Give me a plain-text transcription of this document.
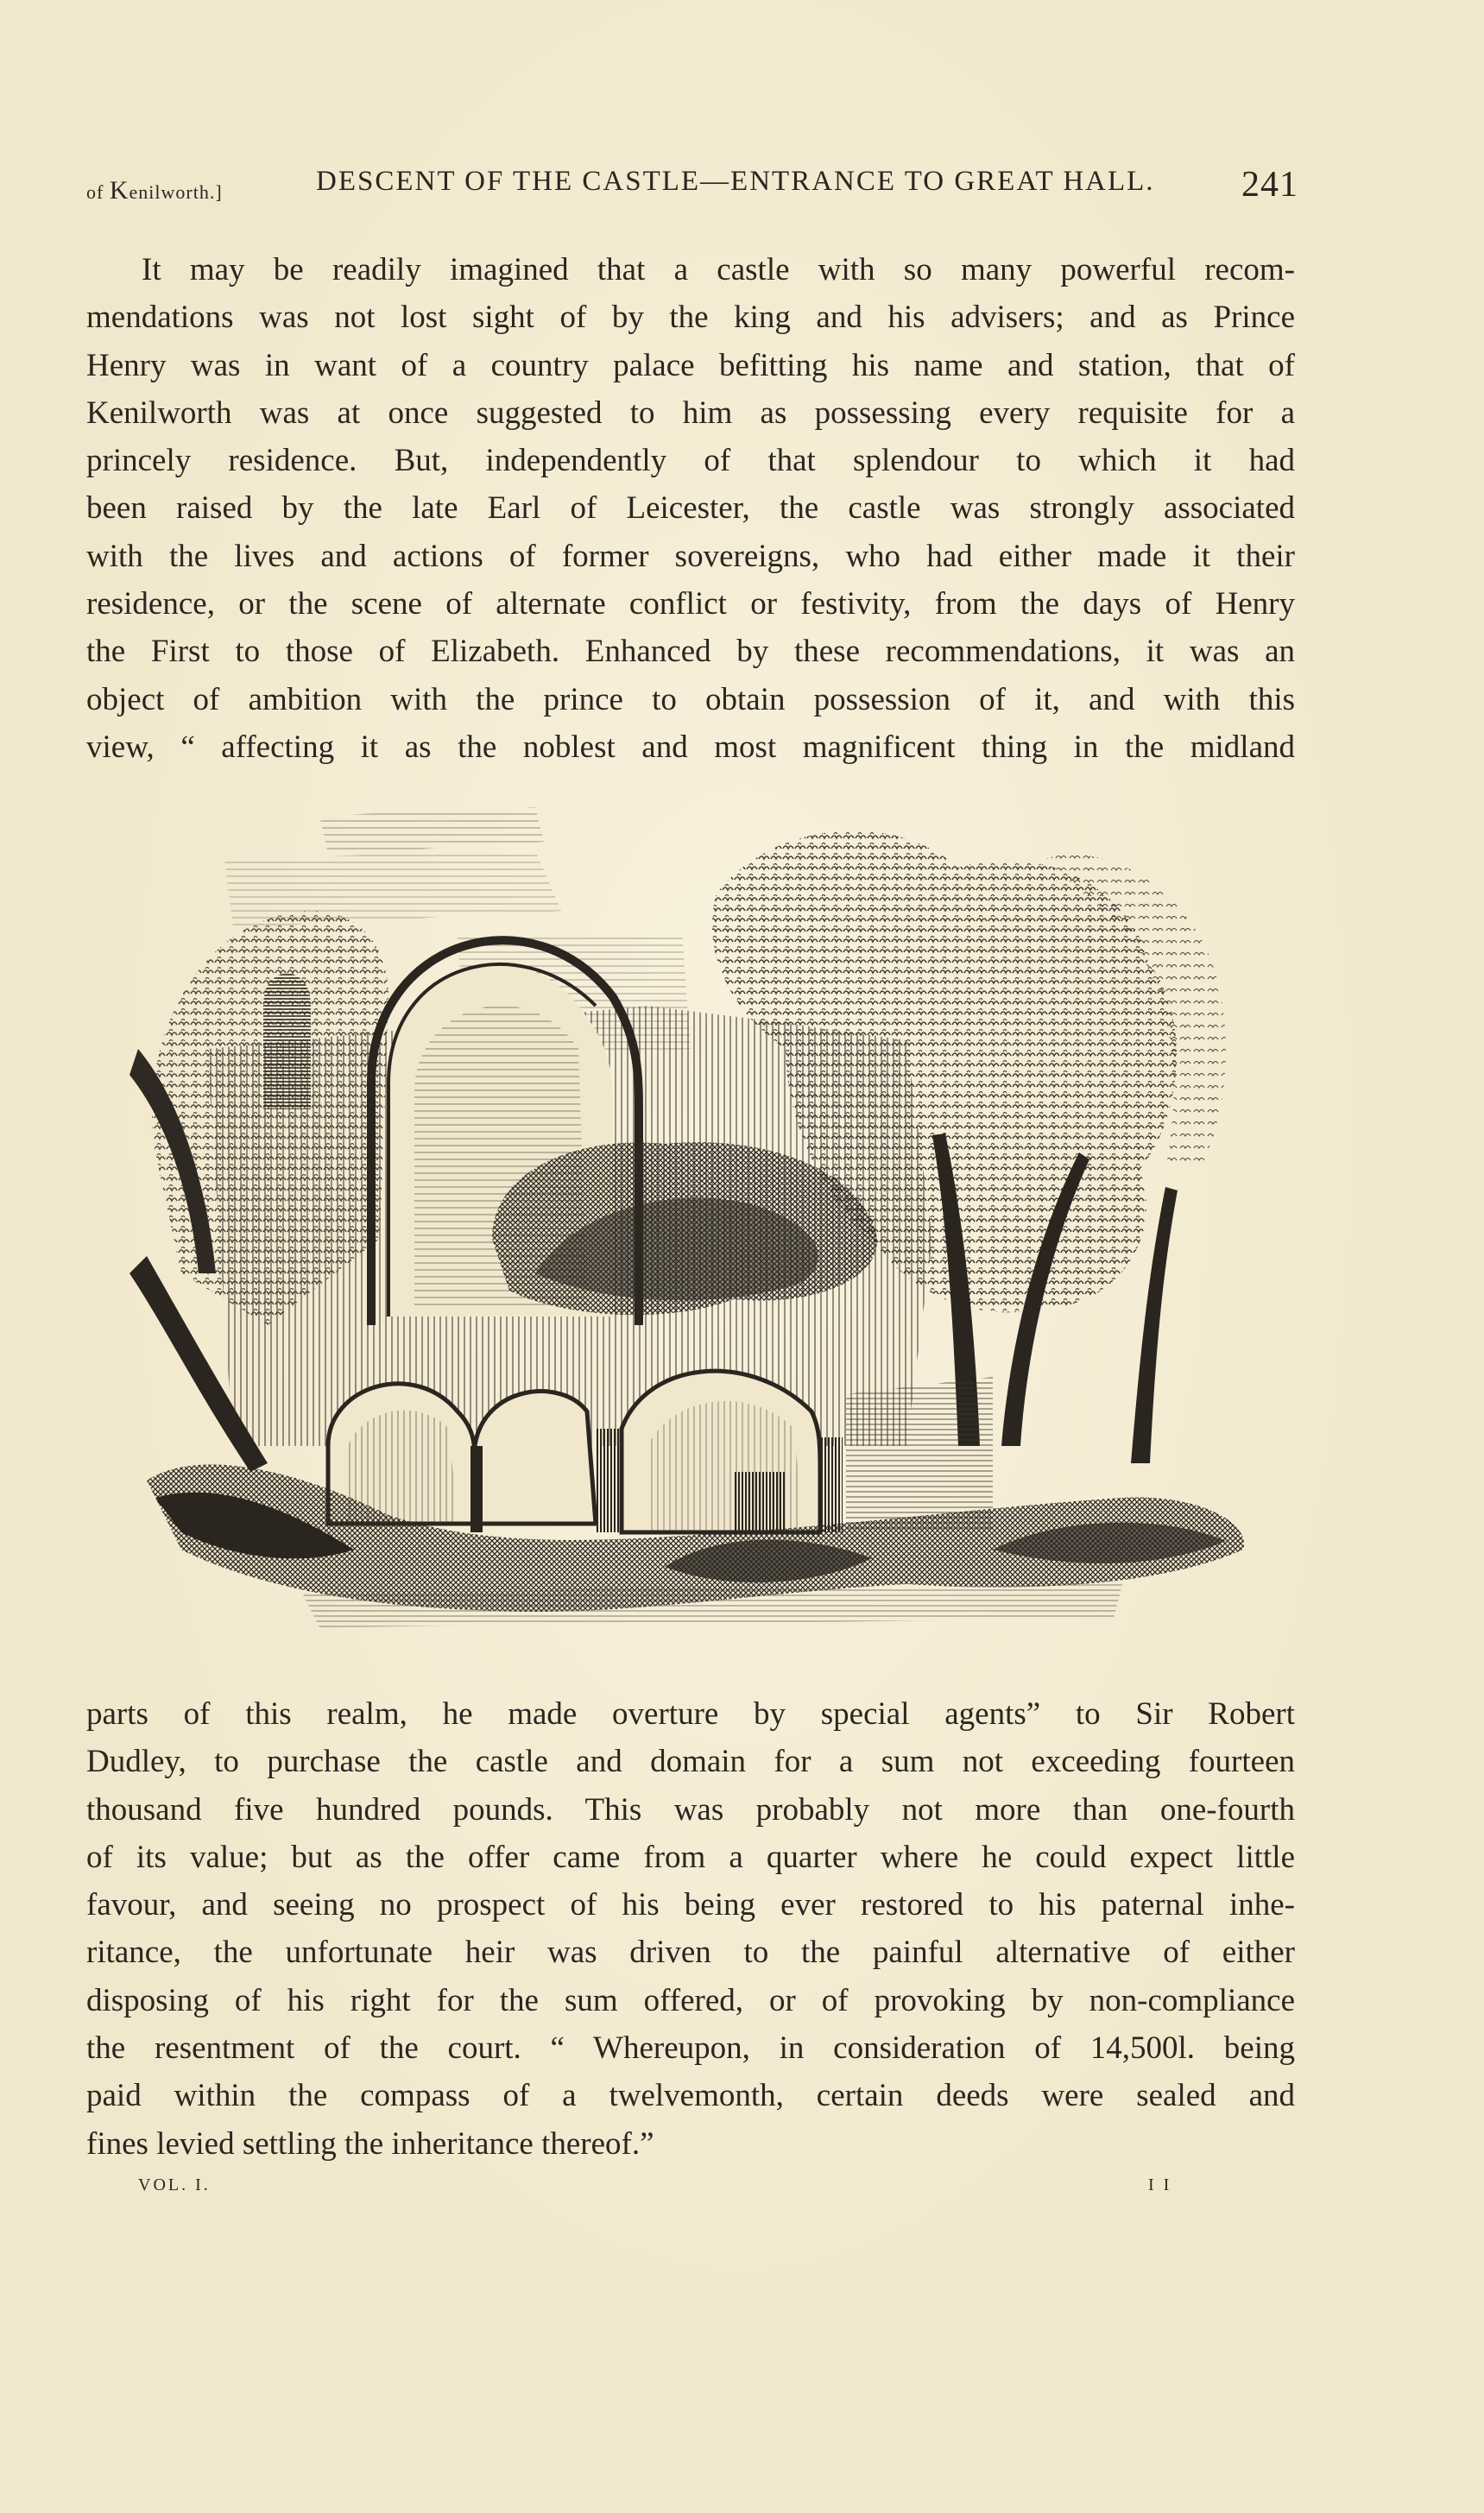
of Kenilworth.]	DESCENT OF THE CASTLE—ENTRANCE TO GREAT HALL. 241
It may be readily imagined that a castle with so many powerful recom-
mendations was not lost sight of by the king and his advisers; and as Prince
Henry was in want of a country palace befitting his name and station, that of
Kenilworth was at once suggested to him as possessing every requisite for a
princely residence. But, independently of that splendour to which it had
been raised by the late Earl of Leicester, the castle was strongly associated
with the lives and actions of former sovereigns, who had either made it their
residence, or the scene of alternate conflict or festivity, from the days of Henry
the First to those of Elizabeth. Enhanced by these recommendations, it was an
object of ambition with the prince to obtain possession of it, and with this
view, “ affecting it as the noblest and most magnificent thing in the midland
parts of this realm, he made overture by special agents” to Sir Robert
Dudley, to purchase the castle and domain for a sum not exceeding fourteen
thousand five hundred pounds. This was probably not more than one-fourth
of its value; but as the offer came from a quarter where he could expect little
favour, and seeing no prospect of his being ever restored to his paternal inhe-
ritance, the unfortunate heir was driven to the painful alternative of either
disposing of his right for the sum offered, or of provoking by non-compliance
the resentment of the court. “ Whereupon, in consideration of 14,500l. being
paid within the compass of a twelvemonth, certain deeds were sealed and
fines levied settling the inheritance thereof.”
VOL. I.	I I
